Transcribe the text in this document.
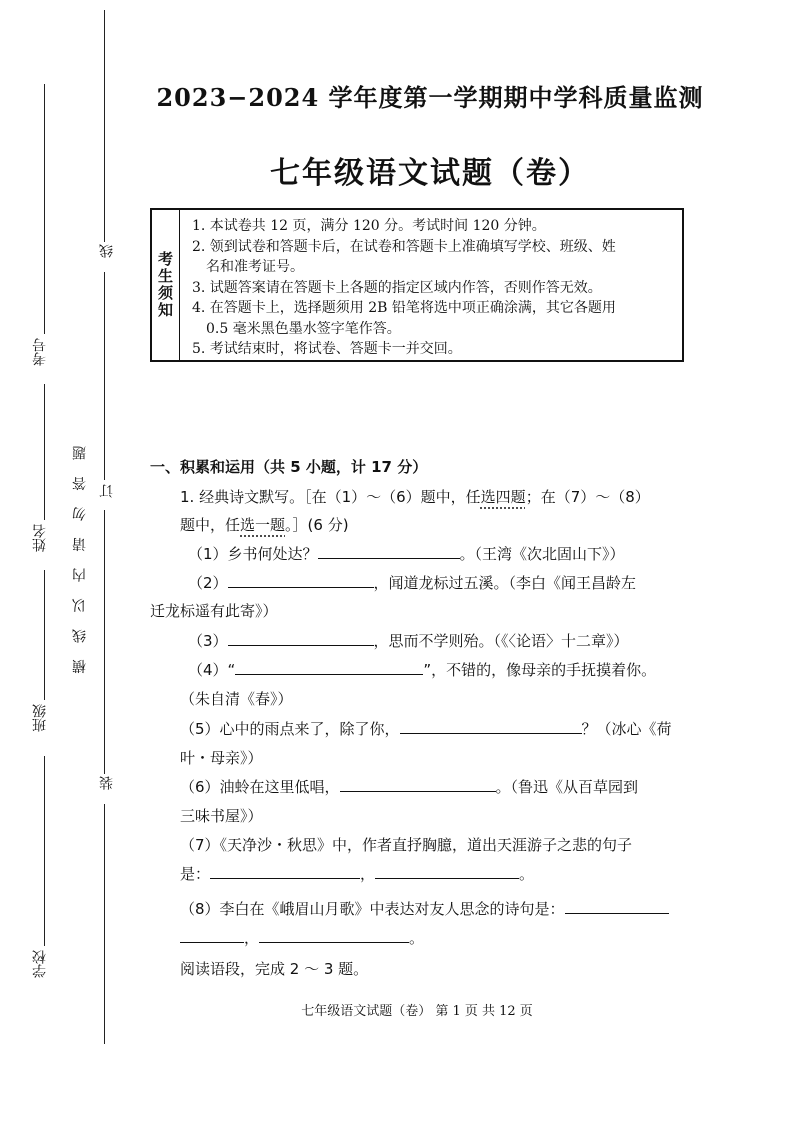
线
订
装
横 线 以 内 请 勿 答 题
考号
姓名
班级
学校
2023−2024 学年度第一学期期中学科质量监测
七年级语文试题（卷）
考生须知

1. 本试卷共 12 页，满分 120 分。考试时间 120 分钟。

2. 领到试卷和答题卡后，在试卷和答题卡上准确填写学校、班级、姓

名和准考证号。

3. 试题答案请在答题卡上各题的指定区域内作答，否则作答无效。

4. 在答题卡上，选择题须用 2B 铅笔将选中项正确涂满，其它各题用

0.5 毫米黑色墨水签字笔作答。

5. 考试结束时，将试卷、答题卡一并交回。

一、积累和运用（共 5 小题，计 17 分）
1. 经典诗文默写。［在（1）～（6）题中，任选四题；在（7）～（8）
题中，任选一题。］(6 分)
（1）乡书何处达？	。（王湾《次北固山下》）
（2）	，闻道龙标过五溪。（李白《闻王昌龄左
迁龙标遥有此寄》）
（3）	，思而不学则殆。（《〈论语〉十二章》）
（4）“	”，不错的，像母亲的手抚摸着你。
（朱自清《春》）
（5）心中的雨点来了，除了你，	？（冰心《荷
叶・母亲》）
（6）油蛉在这里低唱，	。（鲁迅《从百草园到
三味书屋》）
（7）《天净沙・秋思》中，作者直抒胸臆，道出天涯游子之悲的句子
是：	，	。
（8）李白在《峨眉山月歌》中表达对友人思念的诗句是：
，	。
阅读语段，完成 2 ～ 3 题。
七年级语文试题（卷） 第 1 页 共 12 页
